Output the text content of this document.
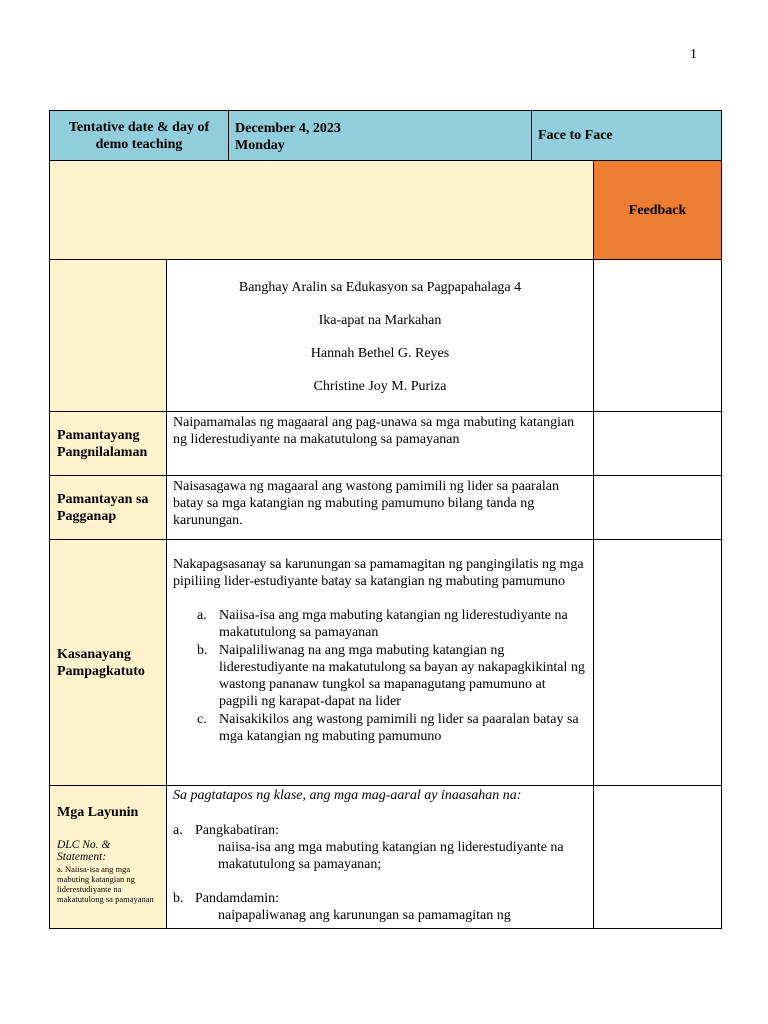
1
Tentative date & day of demo teaching
December 4, 2023
Monday
Face to Face
Feedback

Banghay Aralin sa Edukasyon sa Pagpapahalaga 4

Ika-apat na Markahan

Hannah Bethel G. Reyes

Christine Joy M. Puriza

Pamantayang Pangnilalaman
Naipamamalas ng magaaral ang pag-unawa sa mga mabuting katangian ng liderestudiyante na makatutulong sa pamayanan
Pamantayan sa Pagganap
Naisasagawa ng magaaral ang wastong pamimili ng lider sa paaralan batay sa mga katangian ng mabuting pamumuno bilang tanda ng karunungan.
Kasanayang Pampagkatuto
Nakapagsasanay sa karunungan sa pamamagitan ng pangingilatis ng mga pipiliing lider-estudiyante batay sa katangian ng mabuting pamumuno
a. Naiisa-isa ang mga mabuting katangian ng liderestudiyante na makatutulong sa pamayanan
b. Naipaliliwanag na ang mga mabuting katangian ng liderestudiyante na makatutulong sa bayan ay nakapagkikintal ng wastong pananaw tungkol sa mapanagutang pamumuno at pagpili ng karapat-dapat na lider
c. Naisakikilos ang wastong pamimili ng lider sa paaralan batay sa mga katangian ng mabuting pamumuno
Mga Layunin
DLC No. & Statement:
a. Naiisa-isa ang mga mabuting katangian ng liderestudiyante na makatutulong sa pamayanan
Sa pagtatapos ng klase, ang mga mag-aaral ay inaasahan na:
a. Pangkabatiran:
naiisa-isa ang mga mabuting katangian ng liderestudiyante na makatutulong sa pamayanan;
b. Pandamdamin:
naipapaliwanag ang karunungan sa pamamagitan ng
